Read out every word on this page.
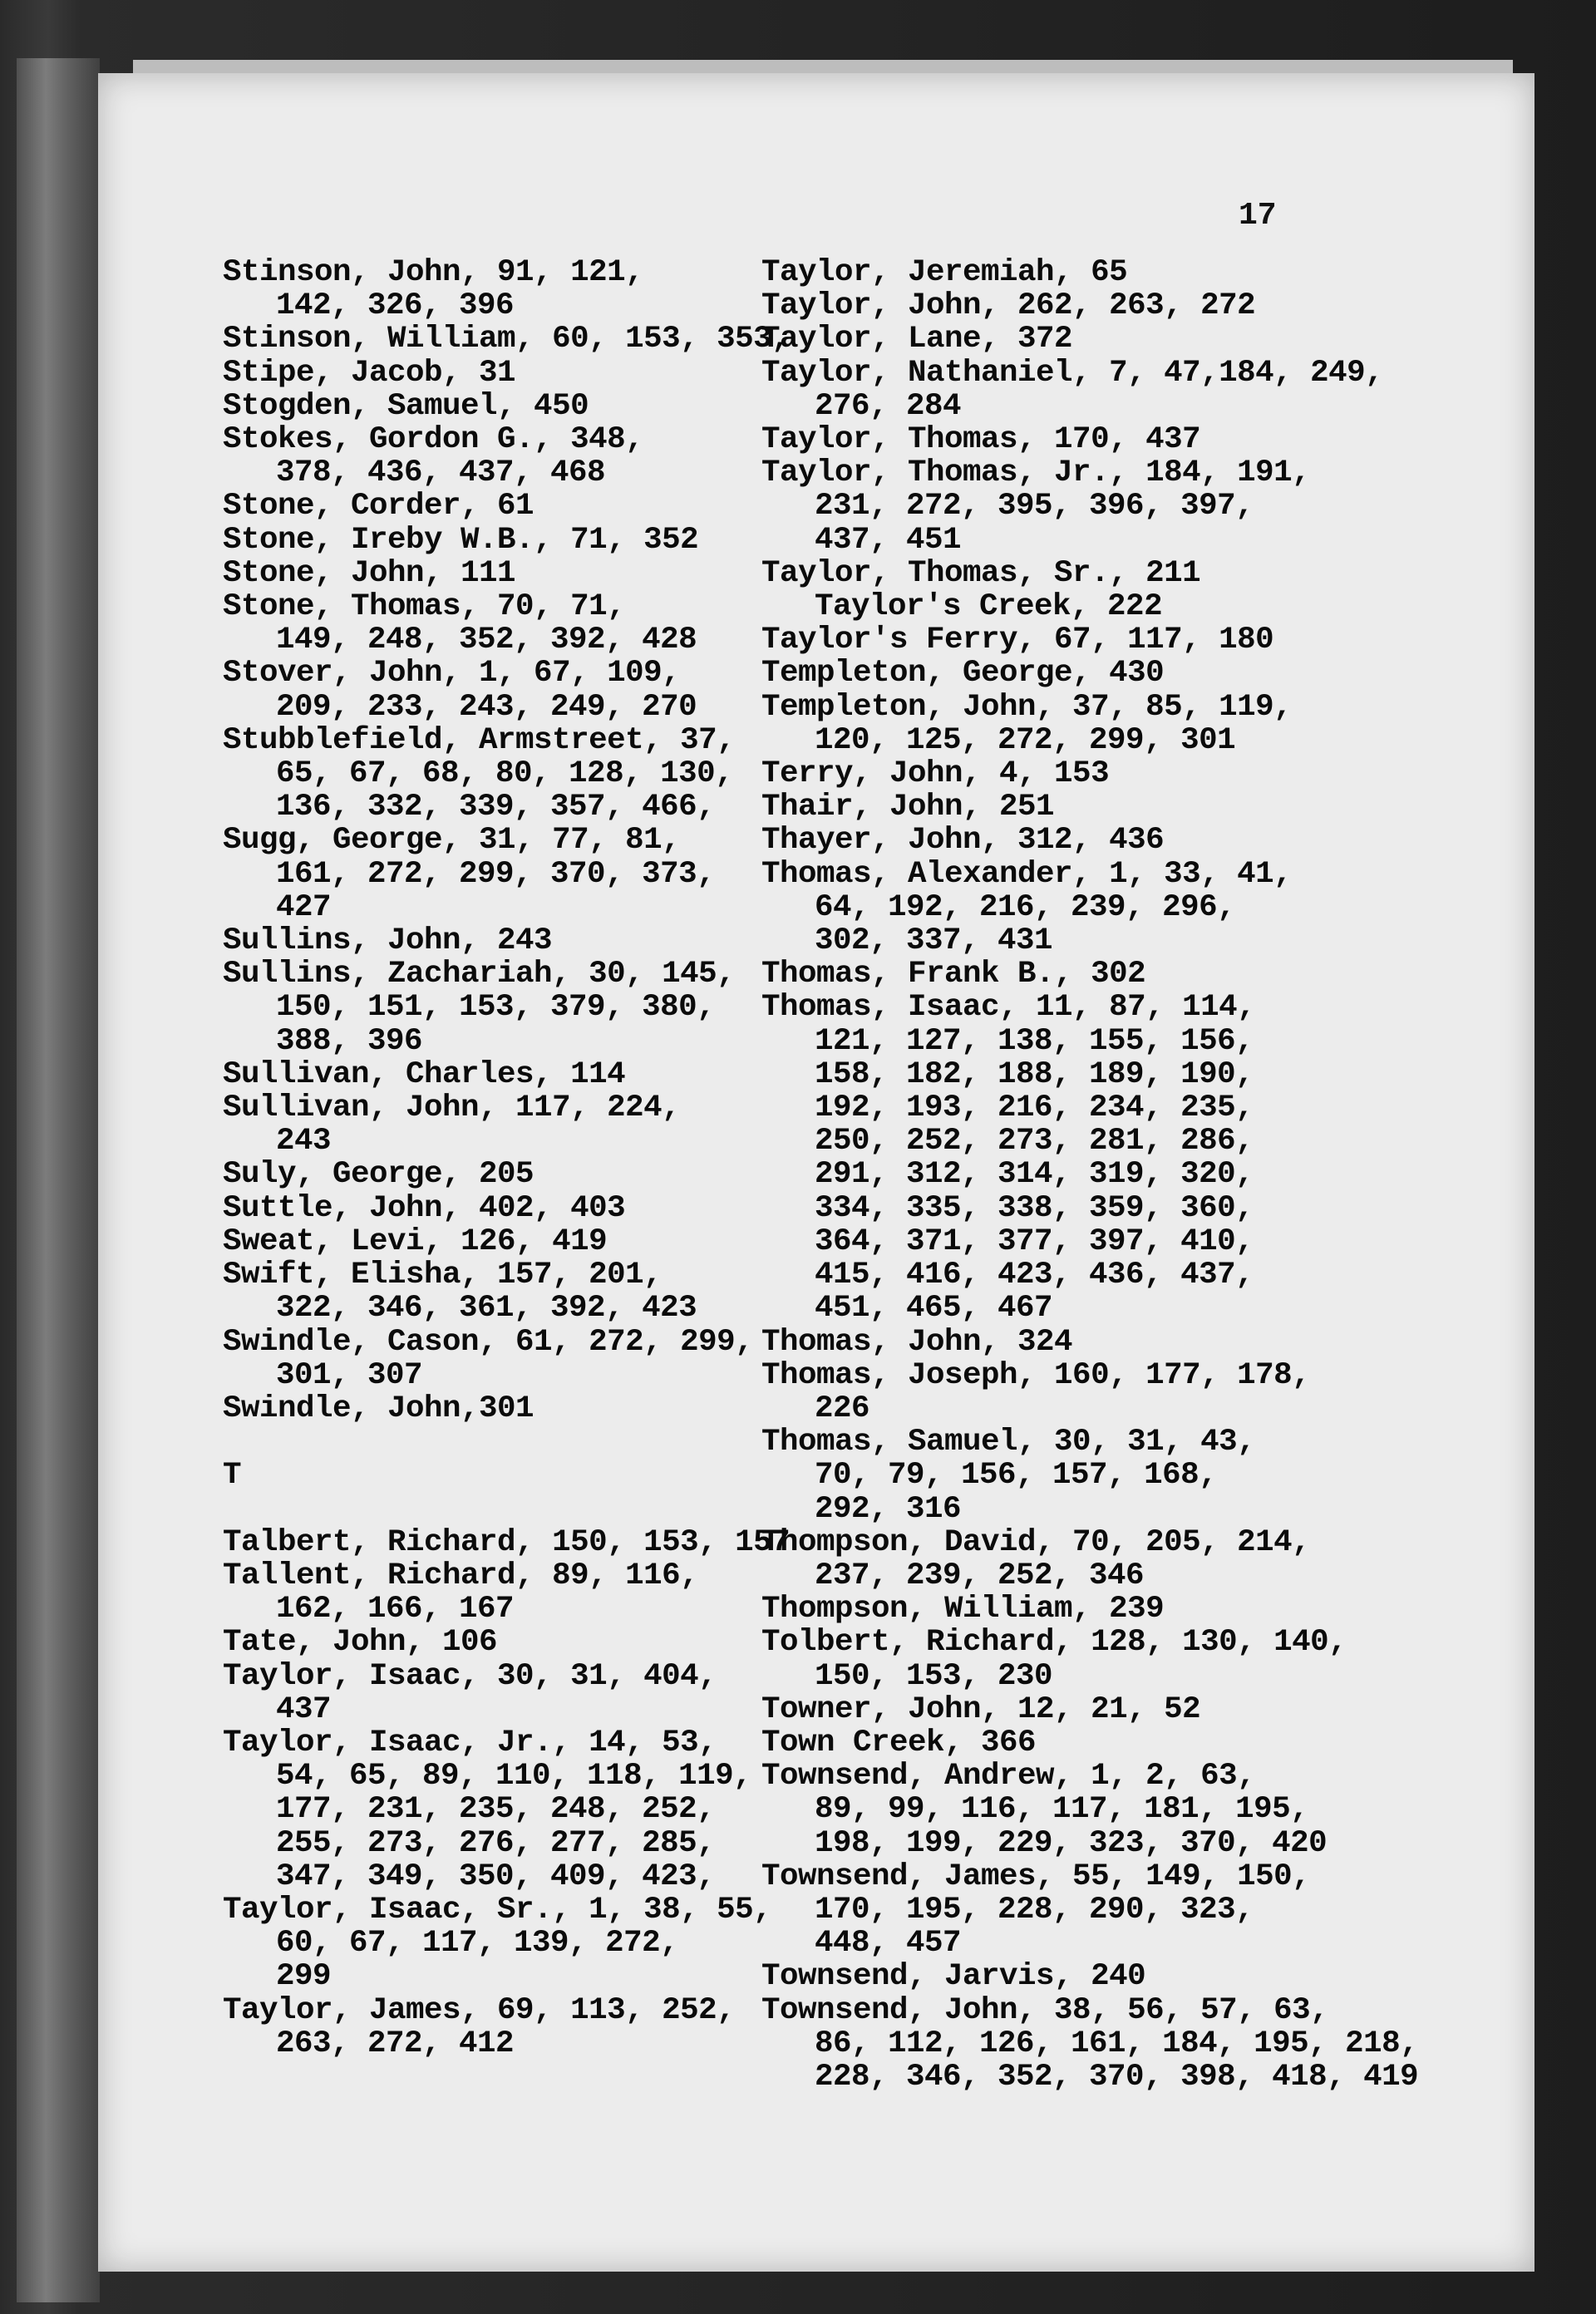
17
Stinson, John, 91, 121,
142, 326, 396
Stinson, William, 60, 153, 353,
Stipe, Jacob, 31
Stogden, Samuel, 450
Stokes, Gordon G., 348,
378, 436, 437, 468
Stone, Corder, 61
Stone, Ireby W.B., 71, 352
Stone, John, 111
Stone, Thomas, 70, 71,
149, 248, 352, 392, 428
Stover, John, 1, 67, 109,
209, 233, 243, 249, 270
Stubblefield, Armstreet, 37,
65, 67, 68, 80, 128, 130,
136, 332, 339, 357, 466,
Sugg, George, 31, 77, 81,
161, 272, 299, 370, 373,
427
Sullins, John, 243
Sullins, Zachariah, 30, 145,
150, 151, 153, 379, 380,
388, 396
Sullivan, Charles, 114
Sullivan, John, 117, 224,
243
Suly, George, 205
Suttle, John, 402, 403
Sweat, Levi, 126, 419
Swift, Elisha, 157, 201,
322, 346, 361, 392, 423
Swindle, Cason, 61, 272, 299,
301, 307
Swindle, John,301
T
Talbert, Richard, 150, 153, 157
Tallent, Richard, 89, 116,
162, 166, 167
Tate, John, 106
Taylor, Isaac, 30, 31, 404,
437
Taylor, Isaac, Jr., 14, 53,
54, 65, 89, 110, 118, 119,
177, 231, 235, 248, 252,
255, 273, 276, 277, 285,
347, 349, 350, 409, 423,
Taylor, Isaac, Sr., 1, 38, 55,
60, 67, 117, 139, 272,
299
Taylor, James, 69, 113, 252,
263, 272, 412
Taylor, Jeremiah, 65
Taylor, John, 262, 263, 272
Taylor, Lane, 372
Taylor, Nathaniel, 7, 47,184, 249,
276, 284
Taylor, Thomas, 170, 437
Taylor, Thomas, Jr., 184, 191,
231, 272, 395, 396, 397,
437, 451
Taylor, Thomas, Sr., 211
Taylor's Creek, 222
Taylor's Ferry, 67, 117, 180
Templeton, George, 430
Templeton, John, 37, 85, 119,
120, 125, 272, 299, 301
Terry, John, 4, 153
Thair, John, 251
Thayer, John, 312, 436
Thomas, Alexander, 1, 33, 41,
64, 192, 216, 239, 296,
302, 337, 431
Thomas, Frank B., 302
Thomas, Isaac, 11, 87, 114,
121, 127, 138, 155, 156,
158, 182, 188, 189, 190,
192, 193, 216, 234, 235,
250, 252, 273, 281, 286,
291, 312, 314, 319, 320,
334, 335, 338, 359, 360,
364, 371, 377, 397, 410,
415, 416, 423, 436, 437,
451, 465, 467
Thomas, John, 324
Thomas, Joseph, 160, 177, 178,
226
Thomas, Samuel, 30, 31, 43,
70, 79, 156, 157, 168,
292, 316
Thompson, David, 70, 205, 214,
237, 239, 252, 346
Thompson, William, 239
Tolbert, Richard, 128, 130, 140,
150, 153, 230
Towner, John, 12, 21, 52
Town Creek, 366
Townsend, Andrew, 1, 2, 63,
89, 99, 116, 117, 181, 195,
198, 199, 229, 323, 370, 420
Townsend, James, 55, 149, 150,
170, 195, 228, 290, 323,
448, 457
Townsend, Jarvis, 240
Townsend, John, 38, 56, 57, 63,
86, 112, 126, 161, 184, 195, 218,
228, 346, 352, 370, 398, 418, 419
